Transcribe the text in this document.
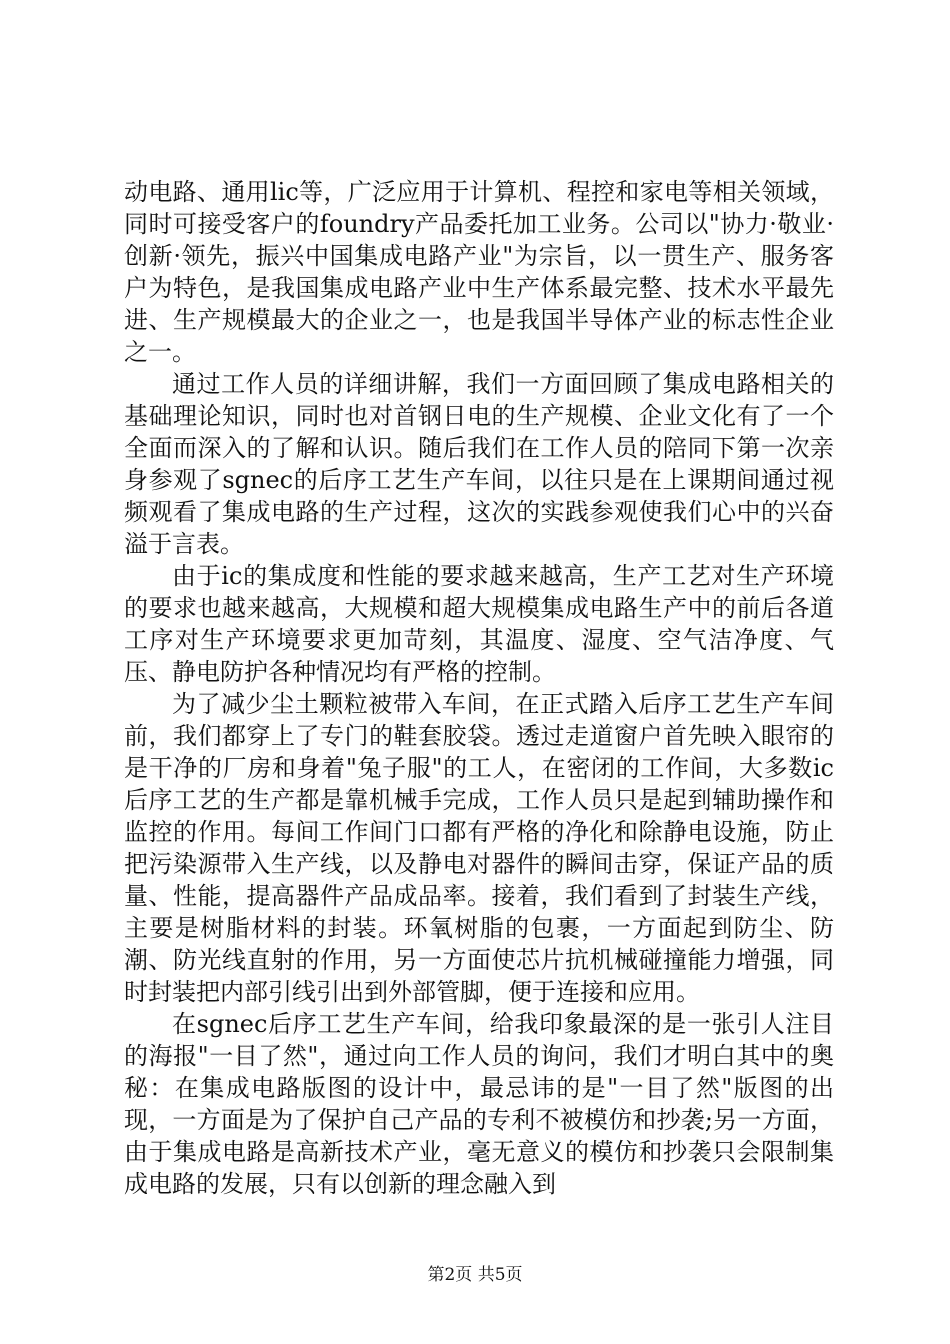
动电路、通用lic等，广泛应用于计算机、程控和家电等相关领域，同时可接受客户的foundry产品委托加工业务。公司以"协力·敬业·创新·领先，振兴中国集成电路产业"为宗旨，以一贯生产、服务客户为特色，是我国集成电路产业中生产体系最完整、技术水平最先进、生产规模最大的企业之一，也是我国半导体产业的标志性企业之一。

通过工作人员的详细讲解，我们一方面回顾了集成电路相关的基础理论知识，同时也对首钢日电的生产规模、企业文化有了一个全面而深入的了解和认识。随后我们在工作人员的陪同下第一次亲身参观了sgnec的后序工艺生产车间，以往只是在上课期间通过视频观看了集成电路的生产过程，这次的实践参观使我们心中的兴奋溢于言表。

由于ic的集成度和性能的要求越来越高，生产工艺对生产环境的要求也越来越高，大规模和超大规模集成电路生产中的前后各道工序对生产环境要求更加苛刻，其温度、湿度、空气洁净度、气压、静电防护各种情况均有严格的控制。

为了减少尘土颗粒被带入车间，在正式踏入后序工艺生产车间前，我们都穿上了专门的鞋套胶袋。透过走道窗户首先映入眼帘的是干净的厂房和身着"兔子服"的工人，在密闭的工作间，大多数ic后序工艺的生产都是靠机械手完成，工作人员只是起到辅助操作和监控的作用。每间工作间门口都有严格的净化和除静电设施，防止把污染源带入生产线，以及静电对器件的瞬间击穿，保证产品的质量、性能，提高器件产品成品率。接着，我们看到了封装生产线，主要是树脂材料的封装。环氧树脂的包裹，一方面起到防尘、防潮、防光线直射的作用，另一方面使芯片抗机械碰撞能力增强，同时封装把内部引线引出到外部管脚，便于连接和应用。

在sgnec后序工艺生产车间，给我印象最深的是一张引人注目的海报"一目了然"，通过向工作人员的询问，我们才明白其中的奥秘：在集成电路版图的设计中，最忌讳的是"一目了然"版图的出现，一方面是为了保护自己产品的专利不被模仿和抄袭;另一方面，由于集成电路是高新技术产业，毫无意义的模仿和抄袭只会限制集成电路的发展，只有以创新的理念融入到

第2页 共5页
